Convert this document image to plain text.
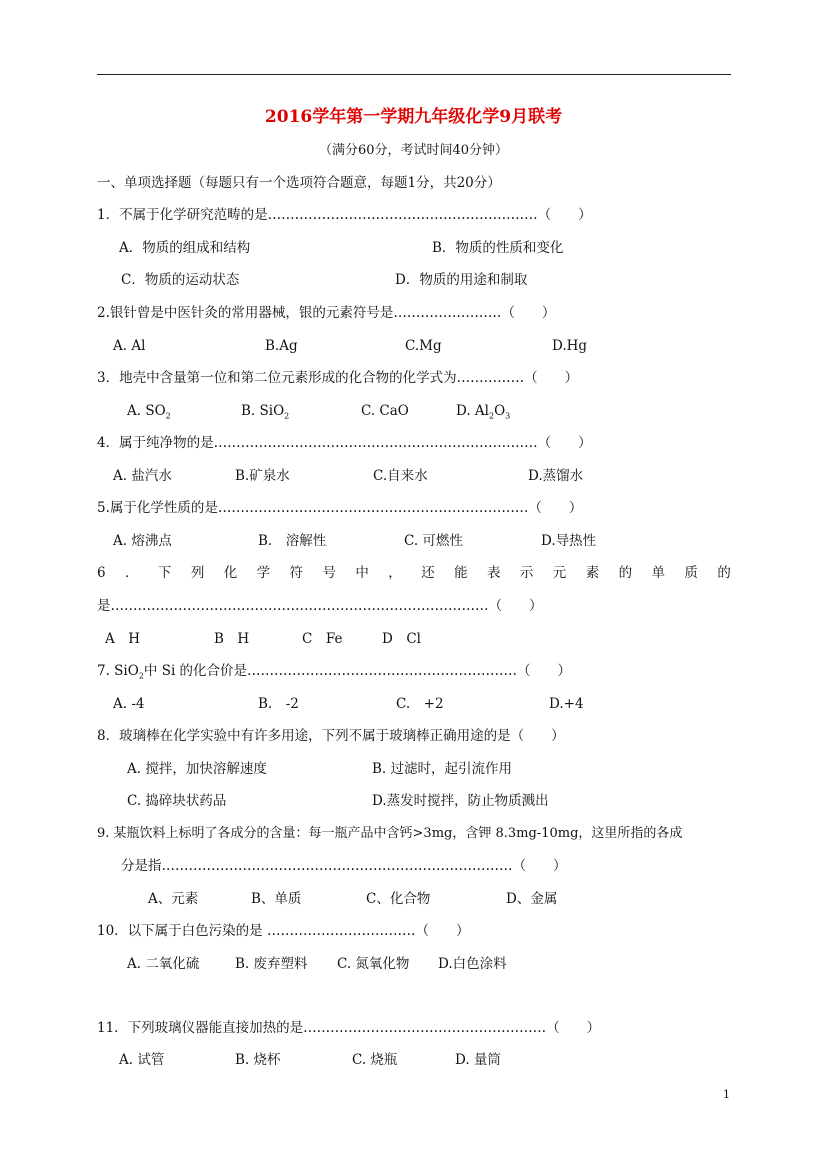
2016学年第一学期九年级化学9月联考
（满分60分，考试时间40分钟）
一、单项选择题（每题只有一个选项符合题意，每题1分，共20分）
1．不属于化学研究范畴的是……………………………………………………（　　）
A．物质的组成和结构	B．物质的性质和变化
C．物质的运动状态	D．物质的用途和制取
2.银针曾是中医针灸的常用器械，银的元素符号是……………………（　　）
A. Al	B.Ag	C.Mg	D.Hg
3．地壳中含量第一位和第二位元素形成的化合物的化学式为……………（　　）
A. $SO_2$	B. SiO$_2$	C. CaO	D. $Al_2O_3$
4．属于纯净物的是………………………………………………………………（　　）
A. 盐汽水	B.矿泉水	C.自来水	D.蒸馏水
5.属于化学性质的是……………………………………………………………（　　）
A. 熔沸点	B.　溶解性	C. 可燃性	D.导热性
6 ． 下 列 化 学 符 号 中 ， 还 能 表 示 元 素 的 单 质 的
是…………………………………………………………………………（　　）
A　H	B　H	C　Fe	D　Cl
7. SiO$_2$中 Si 的化合价是……………………………………………………（　　）
A. -4	B.　-2	C.　+2	D.+4
8．玻璃棒在化学实验中有许多用途，下列不属于玻璃棒正确用途的是（　　）
A. 搅拌，加快溶解速度	B. 过滤时，起引流作用
C. 捣碎块状药品	D.蒸发时搅拌，防止物质溅出
9. 某瓶饮料上标明了各成分的含量：每一瓶产品中含钙>3mg，含钾 8.3mg-10mg，这里所指的各成
分是指……………………………………………………………………（　　）
A、元素	B、单质	C、化合物	D、金属
10．以下属于白色污染的是 ……………………………（　　）
A. 二氧化硫	B. 废弃塑料 C. 氮氧化物 D.白色涂料
11．下列玻璃仪器能直接加热的是………………………………………………（　　）
A. 试管	B. 烧杯	C. 烧瓶	D. 量筒
1
